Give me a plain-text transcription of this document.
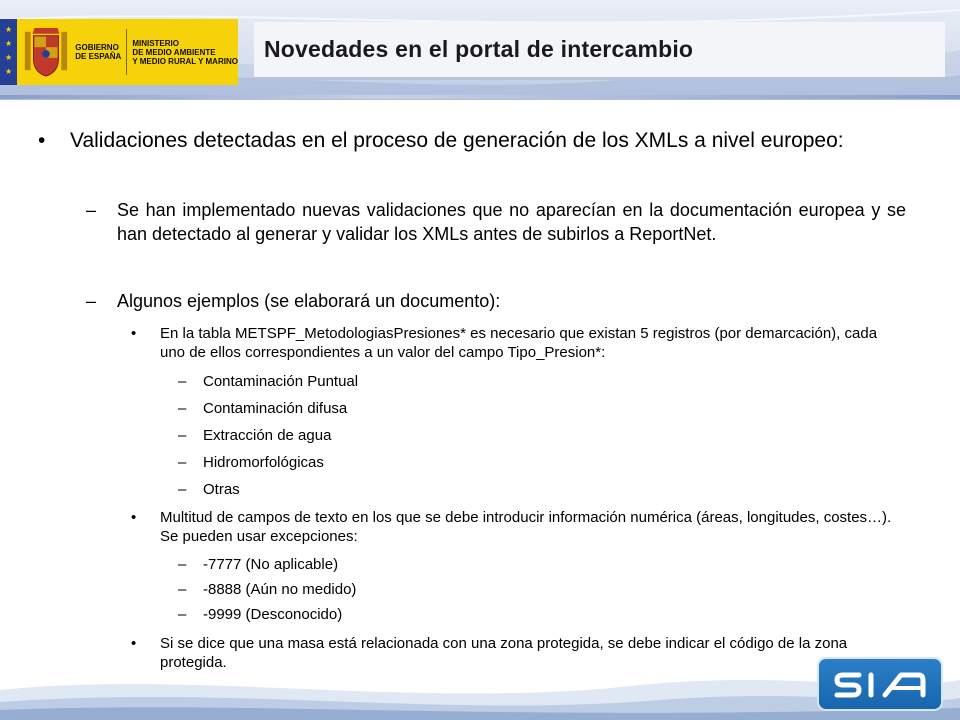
★
★
★
★
GOBIERNO
DE ESPAÑA
MINISTERIO
DE MEDIO AMBIENTE
Y MEDIO RURAL Y MARINO	Novedades en el portal de intercambio
• Validaciones detectadas en el proceso de generación de los XMLs a nivel europeo:
– Se han implementado nuevas validaciones que no aparecían en la documentación europea y se han detectado al generar y validar los XMLs antes de subirlos a ReportNet.
– Algunos ejemplos (se elaborará un documento):
• En la tabla METSPF_MetodologiasPresiones* es necesario que existan 5 registros (por demarcación), cada uno de ellos correspondientes a un valor del campo Tipo_Presion*:
– Contaminación Puntual
– Contaminación difusa
– Extracción de agua
– Hidromorfológicas
– Otras
• Multitud de campos de texto en los que se debe introducir información numérica (áreas, longitudes, costes…). Se pueden usar excepciones:
– -7777 (No aplicable)
– -8888 (Aún no medido)
– -9999 (Desconocido)
• Si se dice que una masa está relacionada con una zona protegida, se debe indicar el código de la zona protegida.
